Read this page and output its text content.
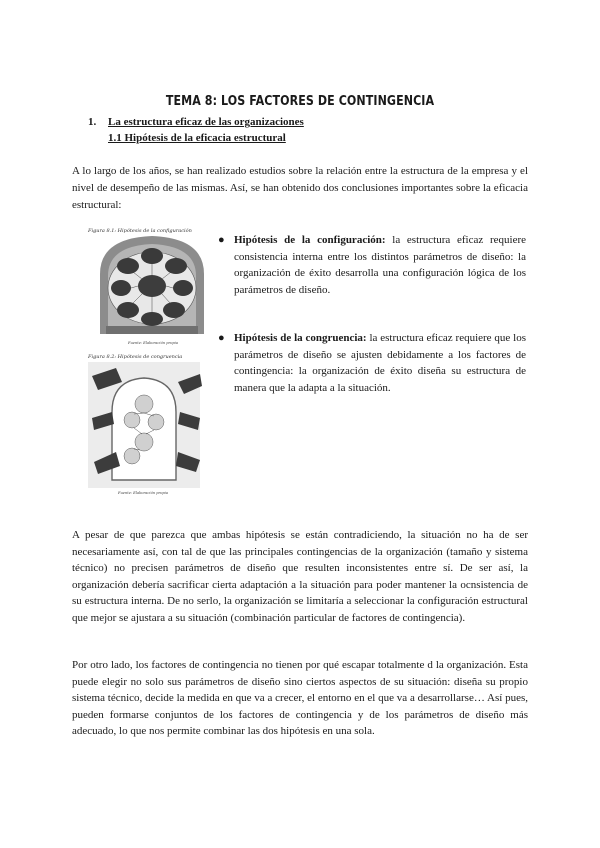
TEMA 8: LOS FACTORES DE CONTINGENCIA
1. La estructura eficaz de las organizaciones
1.1 Hipótesis de la eficacia estructural
A lo largo de los años, se han realizado estudios sobre la relación entre la estructura de la empresa y el nivel de desempeño de las mismas. Así, se han obtenido dos conclusiones importantes sobre la eficacia estructural:
Figura 8.1: Hipótesis de la configuración
Fuente: Elaboración propia
Figura 8.2: Hipótesis de congruencia
Fuente: Elaboración propia
● Hipótesis de la configuración: la estructura eficaz requiere consistencia interna entre los distintos parámetros de diseño: la organización de éxito desarrolla una configuración lógica de los parámetros de diseño.
● Hipótesis de la congruencia: la estructura eficaz requiere que los parámetros de diseño se ajusten debidamente a los factores de contingencia: la organización de éxito diseña su estructura de manera que la adapta a la situación.
A pesar de que parezca que ambas hipótesis se están contradiciendo, la situación no ha de ser necesariamente así, con tal de que las principales contingencias de la organización (tamaño y sistema técnico) no precisen parámetros de diseño que resulten inconsistentes entre sí. De ser así, la organización debería sacrificar cierta adaptación a la situación para poder mantener la ocnsistencia de su estructura interna. De no serlo, la organización se limitaría a seleccionar la configuración estructural que mejor se ajustara a su situación (combinación particular de factores de contingencia).
Por otro lado, los factores de contingencia no tienen por qué escapar totalmente d la organización. Esta puede elegir no solo sus parámetros de diseño sino ciertos aspectos de su situación: diseña su propio sistema técnico, decide la medida en que va a crecer, el entorno en el que va a desarrollarse… Así pues, pueden formarse conjuntos de los factores de contingencia y de los parámetros de diseño más adecuado, lo que nos permite combinar las dos hipótesis en una sola.
